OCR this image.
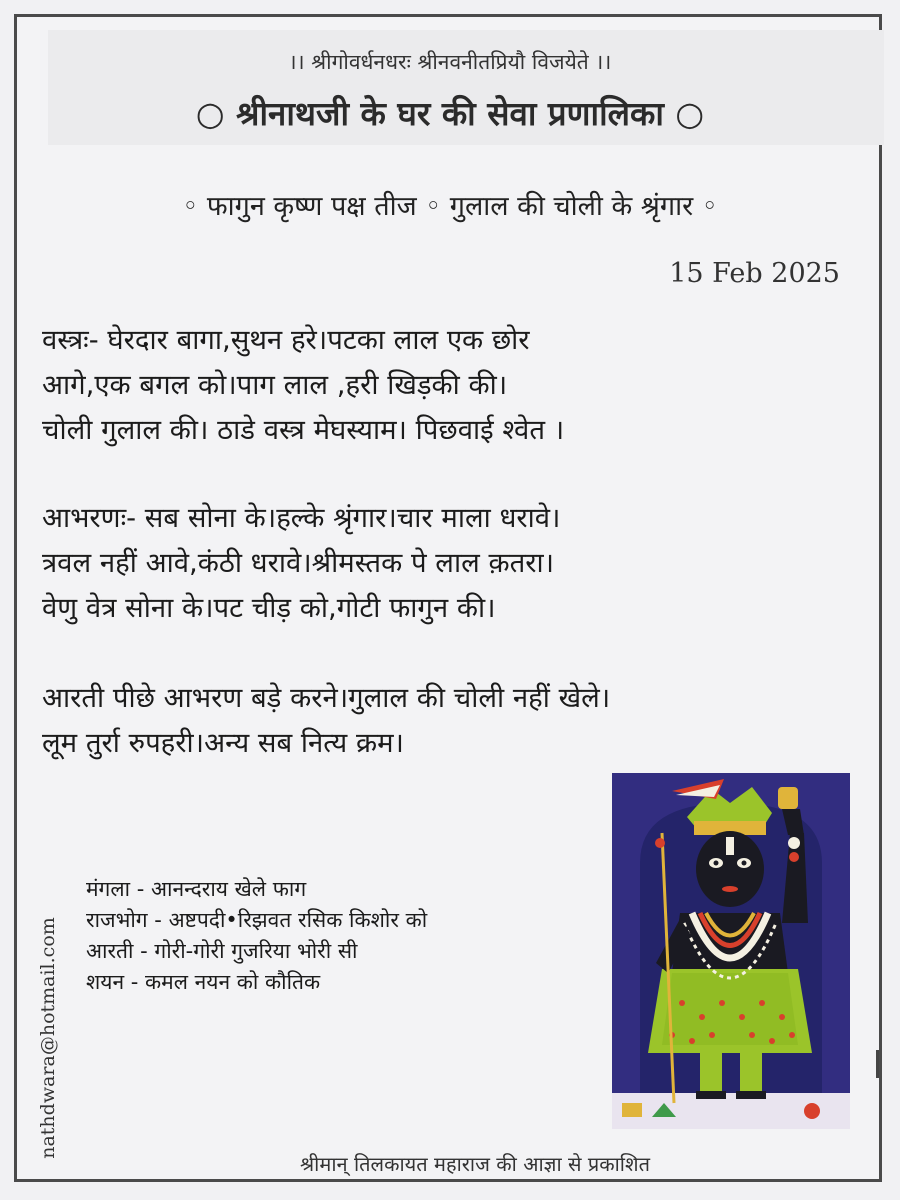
।। श्रीगोवर्धनधरः श्रीनवनीतप्रियौ विजयेते ।।
○ श्रीनाथजी के घर की सेवा प्रणालिका ○
◦ फागुन कृष्ण पक्ष तीज ◦ गुलाल की चोली के श्रृंगार ◦
15 Feb 2025
वस्त्रः- घेरदार बागा,सुथन हरे।पटका लाल एक छोर
आगे,एक बगल को।पाग लाल ,हरी खिड़की की।
चोली गुलाल की। ठाडे वस्त्र मेघस्याम। पिछवाई श्वेत ।
आभरणः- सब सोना के।हल्के श्रृंगार।चार माला धरावे।
त्रवल नहीं आवे,कंठी धरावे।श्रीमस्तक पे लाल क़तरा।
वेणु वेत्र सोना के।पट चीड़ को,गोटी फागुन की।
आरती पीछे आभरण बड़े करने।गुलाल की चोली नहीं खेले।
लूम तुर्रा रुपहरी।अन्य सब नित्य क्रम।
मंगला - आनन्दराय खेले फाग
राजभोग - अष्टपदी•रिझवत रसिक किशोर को
आरती - गोरी-गोरी गुजरिया भोरी सी
शयन - कमल नयन को कौतिक
nathdwara@hotmail.com
श्रीमान् तिलकायत महाराज की आज्ञा से प्रकाशित
